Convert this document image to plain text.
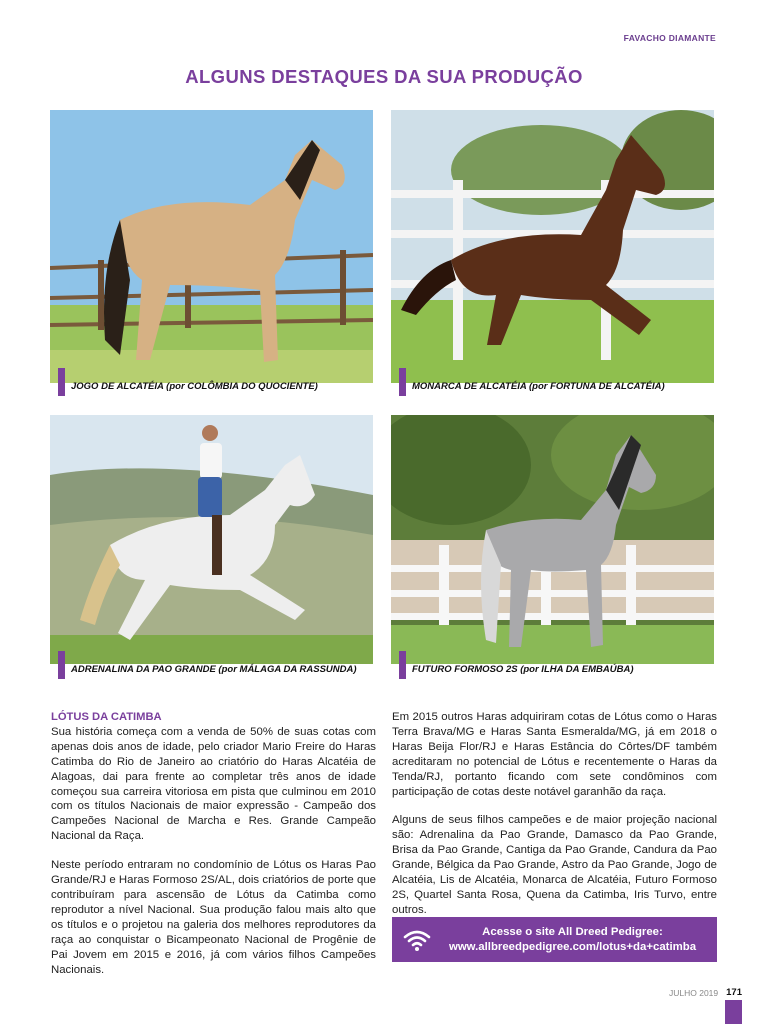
FAVACHO DIAMANTE
ALGUNS DESTAQUES DA SUA PRODUÇÃO
JOGO DE ALCATÉIA (por COLÔMBIA DO QUOCIENTE)	MONARCA DE ALCATÉIA (por FORTUNA DE ALCATÉIA)
ADRENALINA DA PAO GRANDE (por MÁLAGA DA RASSUNDA)	FUTURO FORMOSO 2S (por ILHA DA EMBAÚBA)
LÓTUS DA CATIMBA

Sua história começa com a venda de 50% de suas cotas com apenas dois anos de idade, pelo criador Mario Freire do Haras Catimba do Rio de Janeiro ao criatório do Haras Alcatéia de Alagoas, dai para frente ao completar três anos de idade começou sua carreira vitoriosa em pista que culminou em 2010 com os títulos Nacionais de maior expressão - Campeão dos Campeões Nacional de Marcha e Res. Grande Campeão Nacional da Raça.

Neste período entraram no condomínio de Lótus os Haras Pao Grande/RJ e Haras Formoso 2S/AL, dois criatórios de porte que contribuíram para ascensão de Lótus da Catimba como reprodutor a nível Nacional. Sua produção falou mais alto que os títulos e o projetou na galeria dos melhores reprodutores da raça ao conquistar o Bicampeonato Nacional de Progênie de Pai Jovem em 2015 e 2016, já com vários filhos Campeões Nacionais.

Em 2015 outros Haras adquiriram cotas de Lótus como o Haras Terra Brava/MG e Haras Santa Esmeralda/MG, já em 2018 o Haras Beija Flor/RJ e Haras Estância do Côrtes/DF também acreditaram no potencial de Lótus e recentemente o Haras da Tenda/RJ, portanto ficando com sete condôminos com participação de cotas deste notável garanhão da raça.

Alguns de seus filhos campeões e de maior projeção nacional são: Adrenalina da Pao Grande, Damasco da Pao Grande, Brisa da Pao Grande, Cantiga da Pao Grande, Candura da Pao Grande, Bélgica da Pao Grande, Astro da Pao Grande, Jogo de Alcatéia, Lis de Alcatéia, Monarca de Alcatéia, Futuro Formoso 2S, Quartel Santa Rosa, Quena da Catimba, Iris Turvo, entre outros.

Acesse o site All Dreed Pedigree:
www.allbreedpedigree.com/lotus+da+catimba
JULHO 2019 171
